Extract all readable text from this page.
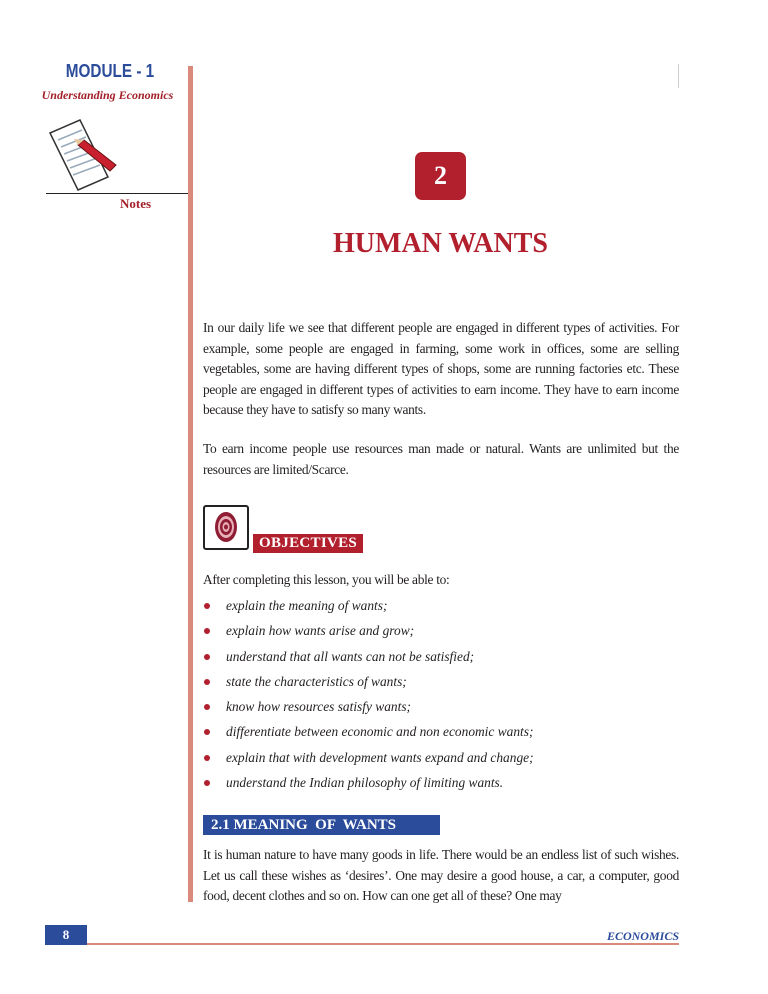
MODULE - 1
Understanding Economics
Notes
2
HUMAN WANTS
In our daily life we see that different people are engaged in different types of activities. For example, some people are engaged in farming, some work in offices, some are selling vegetables, some are having different types of shops, some are running factories etc. These people are engaged in different types of activities to earn income. They have to earn income because they have to satisfy so many wants.
To earn income people use resources man made or natural. Wants are unlimited but the resources are limited/Scarce.
OBJECTIVES
After completing this lesson, you will be able to:
explain the meaning of wants;
explain how wants arise and grow;
understand that all wants can not be satisfied;
state the characteristics of wants;
know how resources satisfy wants;
differentiate between economic and non economic wants;
explain that with development wants expand and change;
understand the Indian philosophy of limiting wants.
2.1 MEANING  OF  WANTS
It is human nature to have many goods in life. There would be an endless list of such wishes. Let us call these wishes as ‘desires’. One may desire a good house, a car, a computer, good food, decent clothes and so on. How can one get all of these? One may
8	ECONOMICS
